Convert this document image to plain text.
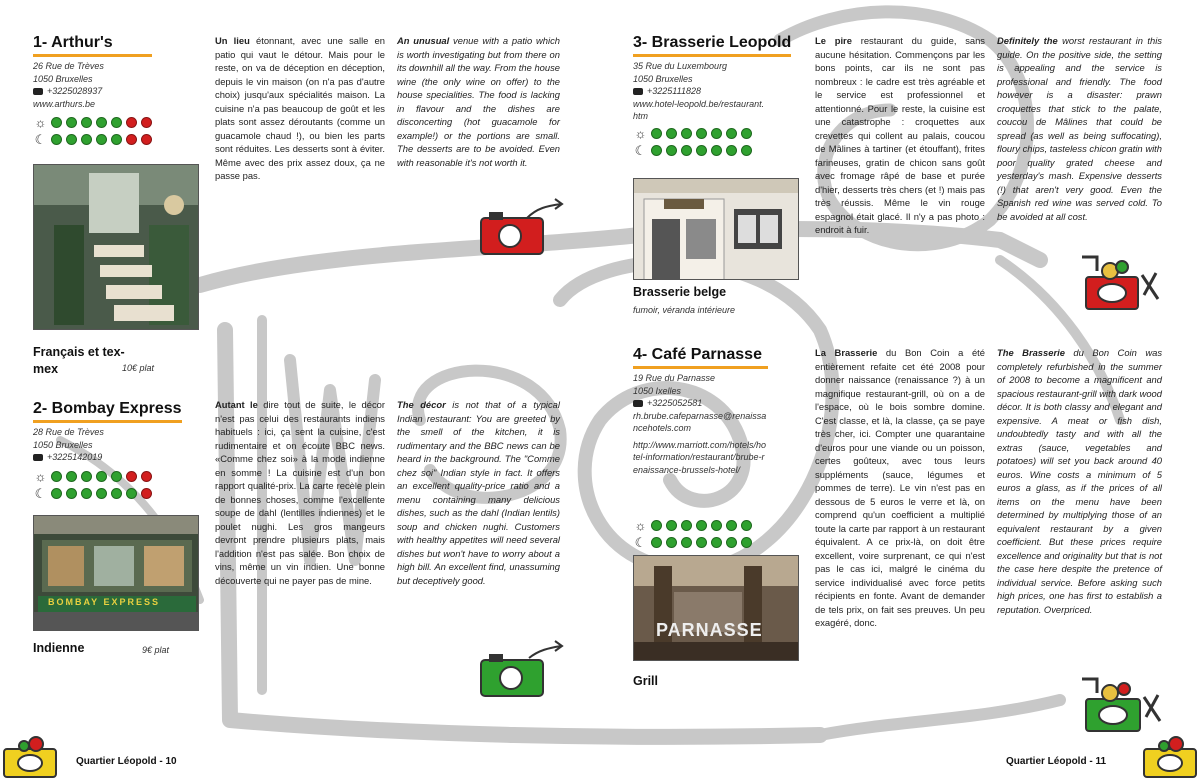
1- Arthur's
26 Rue de Trèves
1050 Bruxelles
+3225028937
www.arthurs.be
☼
☾
Français et tex-mex	10€ plat
Un lieu étonnant, avec une salle en patio qui vaut le détour. Mais pour le reste, on va de déception en déception, depuis le vin maison (on n'a pas d'autre choix) jusqu'aux spécialités maison. La cuisine n'a pas beaucoup de goût et les plats sont assez déroutants (comme un guacamole chaud !), ou bien les parts sont réduites. Les desserts sont à éviter. Même avec des prix assez doux, ça ne passe pas.
An unusual venue with a patio which is worth investigating but from there on its downhill all the way. From the house wine (the only wine on offer) to the house specialities. The food is lacking in flavour and the dishes are disconcerting (hot guacamole for example!) or the portions are small. The desserts are to be avoided. Even with reasonable it's not worth it.
2- Bombay Express
28 Rue de Trèves
1050 Bruxelles
+3225142019
☼
☾
BOMBAY EXPRESS
Indienne	9€ plat
Autant le dire tout de suite, le décor n'est pas celui des restaurants indiens habituels : ici, ça sent la cuisine, c'est rudimentaire et on écoute BBC news. «Comme chez soi» à la mode indienne en somme ! La cuisine est d'un bon rapport qualité-prix. La carte recèle plein de bonnes choses, comme l'excellente soupe de dahl (lentilles indiennes) et le poulet nughi. Les gros mangeurs devront prendre plusieurs plats, mais l'addition n'est pas salée. Bon choix de vins, même un vin indien. Une bonne découverte qui ne payer pas de mine.
The décor is not that of a typical Indian restaurant: You are greeted by the smell of the kitchen, it is rudimentary and the BBC news can be heard in the background. The "Comme chez soi" Indian style in fact. It offers an excellent quality-price ratio and a menu containing many delicious dishes, such as the dahl (Indian lentils) soup and chicken nughi. Customers with healthy appetites will need several dishes but won't have to worry about a high bill. An excellent find, unassuming but deceptively good.
3- Brasserie Leopold
35 Rue du Luxembourg
1050 Bruxelles
+3225111828
www.hotel-leopold.be/restaurant.htm
☼
☾
Brasserie belge
fumoir, véranda intérieure
Le pire restaurant du guide, sans aucune hésitation. Commençons par les bons points, car ils ne sont pas nombreux : le cadre est très agréable et le service est professionnel et attentionné. Pour le reste, la cuisine est une catastrophe : croquettes aux crevettes qui collent au palais, coucou de Mâlines à tartiner (et étouffant), frites farineuses, gratin de chicon sans goût avec fromage râpé de base et purée d'hier, desserts très chers (et !) mais pas très réussis. Même le vin rouge espagnol était glacé. Il n'y a pas photo : endroit à fuir.
Definitely the worst restaurant in this guide. On the positive side, the setting is appealing and the service is professional and friendly. The food however is a disaster: prawn croquettes that stick to the palate, coucou de Mâlines that could be spread (as well as being suffocating), floury chips, tasteless chicon gratin with poor quality grated cheese and yesterday's mash. Expensive desserts (!) that aren't very good. Even the Spanish red wine was served cold. To be avoided at all cost.
4- Café Parnasse
19 Rue du Parnasse
1050 Ixelles
+3225052581
rh.brube.cafeparnasse@renaissancehotels.com
http://www.marriott.com/hotels/hotel-information/restaurant/brube-renaissance-brussels-hotel/
☼
☾
PARNASSE
Grill
La Brasserie du Bon Coin a été entièrement refaite cet été 2008 pour donner naissance (renaissance ?) à un magnifique restaurant-grill, où on a de l'espace, où le bois sombre domine. C'est classe, et là, la classe, ça se paye très cher, ici. Compter une quarantaine d'euros pour une viande ou un poisson, certes goûteux, avec tous leurs suppléments (sauce, légumes et pommes de terre). Le vin n'est pas en dessous de 5 euros le verre et là, on comprend qu'un coefficient a multiplié toute la carte par rapport à un restaurant équivalent. A ce prix-là, on doit être excellent, voire surprenant, ce qui n'est pas le cas ici, malgré le cinéma du service individualisé avec force petits récipients en fonte. Avant de demander de tels prix, on fait ses preuves. Un peu exagéré, donc.
The Brasserie du Bon Coin was completely refurbished in the summer of 2008 to become a magnificent and spacious restaurant-grill with dark wood décor. It is both classy and elegant and expensive. A meat or fish dish, undoubtedly tasty and with all the extras (sauce, vegetables and potatoes) will set you back around 40 euros. Wine costs a minimum of 5 euros a glass, as if the prices of all items on the menu have been determined by multiplying those of an equivalent restaurant by a given coefficient. But these prices require excellence and originality but that is not the case here despite the pretence of individual service. Before asking such high prices, one has first to establish a reputation. Overpriced.
Quartier Léopold - 10	Quartier Léopold - 11
